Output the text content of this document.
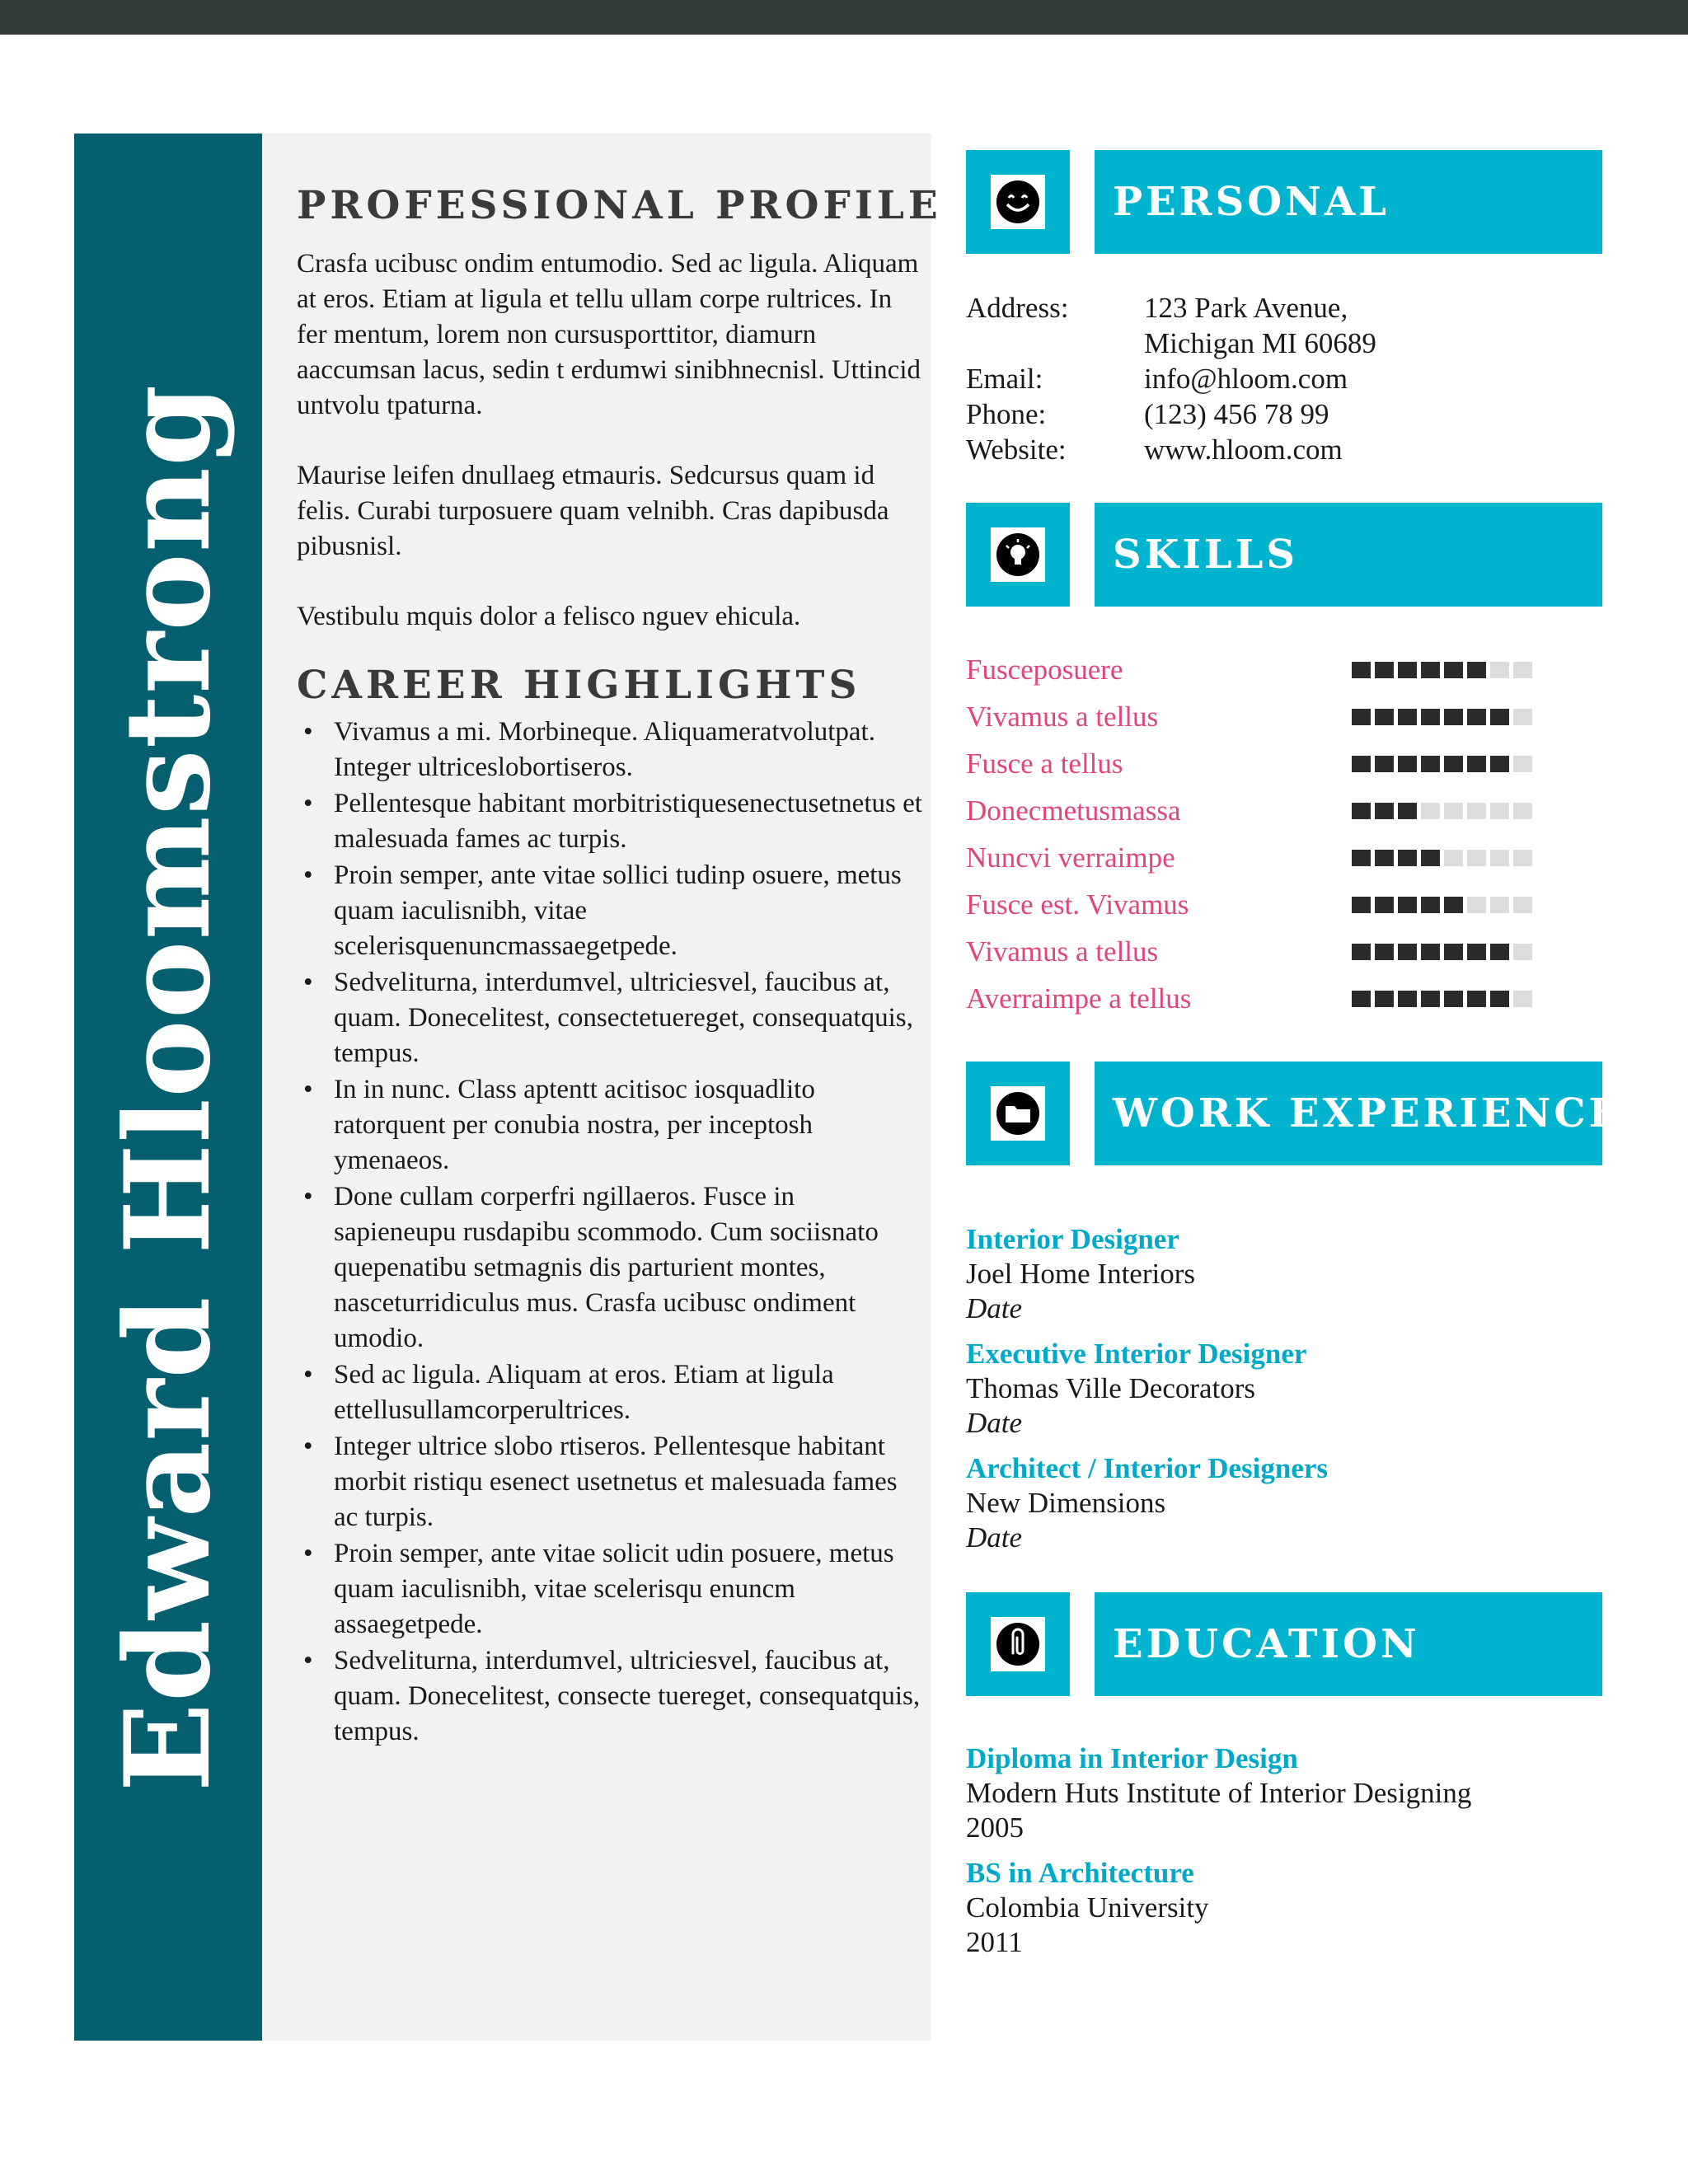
Edward Hloomstrong
PROFESSIONAL PROFILE

Crasfa ucibusc ondim entumodio. Sed ac ligula. Aliquam at eros. Etiam at ligula et tellu ullam corpe rultrices. In fer mentum, lorem non cursusporttitor, diamurn aaccumsan lacus, sedin t erdumwi sinibhnecnisl. Uttincid untvolu tpaturna.

Maurise leifen dnullaeg etmauris. Sedcursus quam id felis. Curabi turposuere quam velnibh. Cras dapibusda pibusnisl.

Vestibulu mquis dolor a felisco nguev ehicula.

CAREER HIGHLIGHTS
• Vivamus a mi. Morbineque. Aliquameratvolutpat. Integer ultriceslobortiseros.
• Pellentesque habitant morbitristiquesenectusetnetus et malesuada fames ac turpis.
• Proin semper, ante vitae sollici tudinp osuere, metus quam iaculisnibh, vitae scelerisquenuncmassaegetpede.
• Sedveliturna, interdumvel, ultriciesvel, faucibus at, quam. Donecelitest, consectetuereget, consequatquis, tempus.
• In in nunc. Class aptentt acitisoc iosquadlito ratorquent per conubia nostra, per inceptosh ymenaeos.
• Done cullam corperfri ngillaeros. Fusce in sapieneupu rusdapibu scommodo. Cum sociisnato quepenatibu setmagnis dis parturient montes, nasceturridiculus mus. Crasfa ucibusc ondiment umodio.
• Sed ac ligula. Aliquam at eros. Etiam at ligula ettellusullamcorperultrices.
• Integer ultrice slobo rtiseros. Pellentesque habitant morbit ristiqu esenect usetnetus et malesuada fames ac turpis.
• Proin semper, ante vitae solicit udin posuere, metus quam iaculisnibh, vitae scelerisqu enuncm assaegetpede.
• Sedveliturna, interdumvel, ultriciesvel, faucibus at, quam. Donecelitest, consecte tuereget, consequatquis, tempus.
PERSONAL
Address:	123 Park Avenue,
Michigan MI 60689
Email:	info@hloom.com
Phone:	(123) 456 78 99
Website:	www.hloom.com
SKILLS
Fusceposuere
Vivamus a tellus
Fusce a tellus
Donecmetusmassa
Nuncvi verraimpe
Fusce est. Vivamus
Vivamus a tellus
Averraimpe a tellus
WORK EXPERIENCE
Interior Designer
Joel Home Interiors
Date
Executive Interior Designer
Thomas Ville Decorators
Date
Architect / Interior Designers
New Dimensions
Date
EDUCATION
Diploma in Interior Design
Modern Huts Institute of Interior Designing
2005
BS in Architecture
Colombia University
2011
